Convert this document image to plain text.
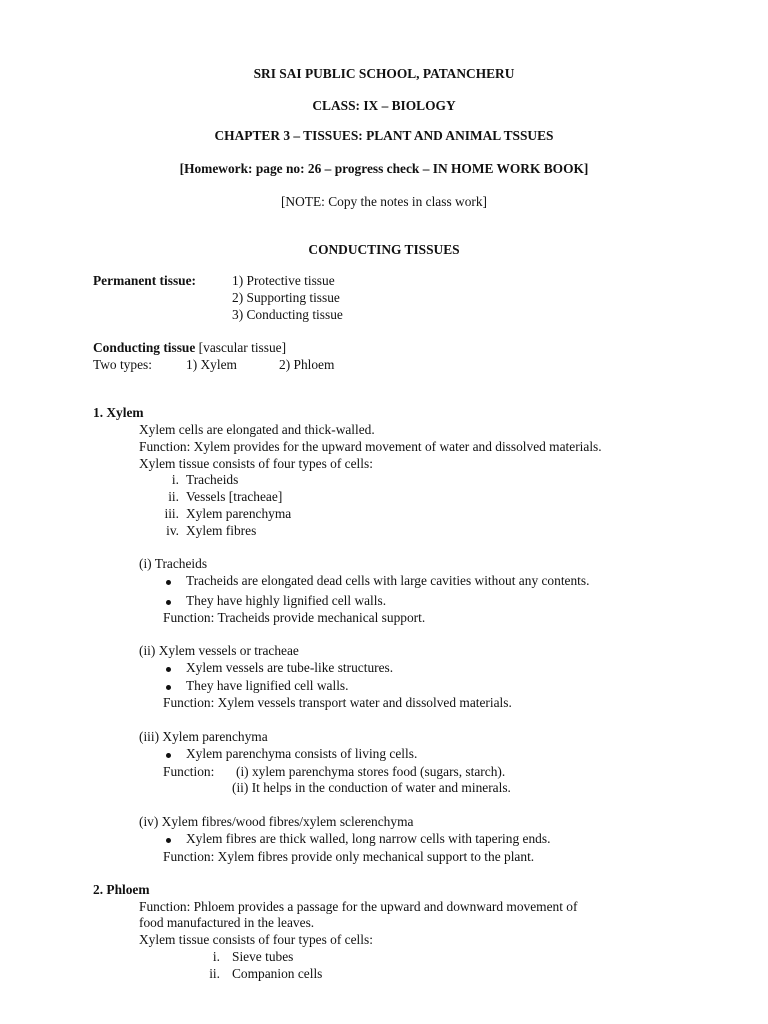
SRI SAI PUBLIC SCHOOL, PATANCHERU
CLASS: IX – BIOLOGY
CHAPTER 3 – TISSUES: PLANT AND ANIMAL TSSUES
[Homework: page no: 26 – progress check – IN HOME WORK BOOK]
[NOTE: Copy the notes in class work]
CONDUCTING TISSUES
Permanent tissue:	1) Protective tissue
2) Supporting tissue
3) Conducting tissue
Conducting tissue [vascular tissue]
Two types:	1) Xylem	2) Phloem
1. Xylem
Xylem cells are elongated and thick-walled.
Function: Xylem provides for the upward movement of water and dissolved materials.
Xylem tissue consists of four types of cells:
i. Tracheids
ii. Vessels [tracheae]
iii. Xylem parenchyma
iv. Xylem fibres
(i) Tracheids
Tracheids are elongated dead cells with large cavities without any contents.
They have highly lignified cell walls.
Function: Tracheids provide mechanical support.
(ii) Xylem vessels or tracheae
Xylem vessels are tube-like structures.
They have lignified cell walls.
Function: Xylem vessels transport water and dissolved materials.
(iii) Xylem parenchyma
Xylem parenchyma consists of living cells.
Function: (i) xylem parenchyma stores food (sugars, starch).
(ii) It helps in the conduction of water and minerals.
(iv) Xylem fibres/wood fibres/xylem sclerenchyma
Xylem fibres are thick walled, long narrow cells with tapering ends.
Function: Xylem fibres provide only mechanical support to the plant.
2. Phloem
Function: Phloem provides a passage for the upward and downward movement of
food manufactured in the leaves.
Xylem tissue consists of four types of cells:
i. Sieve tubes
ii. Companion cells
